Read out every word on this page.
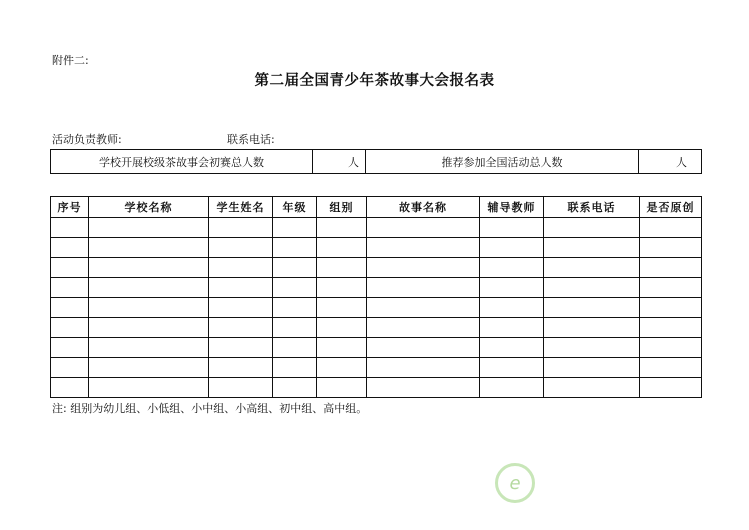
附件二:
第二届全国青少年茶故事大会报名表
活动负责教师:	联系电话:
学校开展校级茶故事会初赛总人数	人	推荐参加全国活动总人数	人
序号	学校名称	学生姓名	年级	组别	故事名称	辅导教师	联系电话	是否原创

注: 组别为幼儿组、小低组、小中组、小高组、初中组、高中组。
e
